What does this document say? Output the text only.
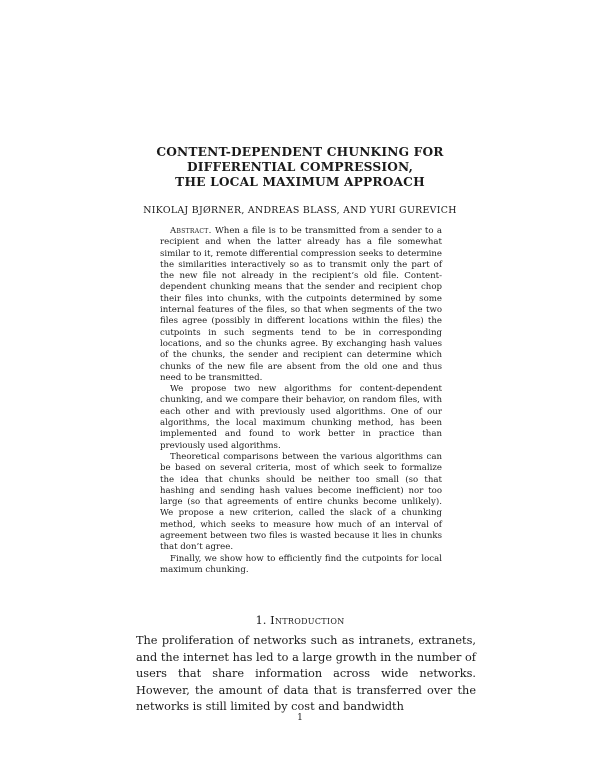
CONTENT-DEPENDENT CHUNKING FOR
DIFFERENTIAL COMPRESSION,
THE LOCAL MAXIMUM APPROACH
NIKOLAJ BJØRNER, ANDREAS BLASS, AND YURI GUREVICH

Abstract. When a file is to be transmitted from a sender to a recipient and when the latter already has a file somewhat similar to it, remote differential compression seeks to determine the similarities interactively so as to transmit only the part of the new file not already in the recipient’s old file. Content-dependent chunking means that the sender and recipient chop their files into chunks, with the cutpoints determined by some internal features of the files, so that when segments of the two files agree (possibly in different locations within the files) the cutpoints in such segments tend to be in corresponding locations, and so the chunks agree. By exchanging hash values of the chunks, the sender and recipient can determine which chunks of the new file are absent from the old one and thus need to be transmitted.

We propose two new algorithms for content-dependent chunking, and we compare their behavior, on random files, with each other and with previously used algorithms. One of our algorithms, the local maximum chunking method, has been implemented and found to work better in practice than previously used algorithms.

Theoretical comparisons between the various algorithms can be based on several criteria, most of which seek to formalize the idea that chunks should be neither too small (so that hashing and sending hash values become inefficient) nor too large (so that agreements of entire chunks become unlikely). We propose a new criterion, called the slack of a chunking method, which seeks to measure how much of an interval of agreement between two files is wasted because it lies in chunks that don’t agree.

Finally, we show how to efficiently find the cutpoints for local maximum chunking.

1. Introduction

The proliferation of networks such as intranets, extranets, and the internet has led to a large growth in the number of users that share information across wide networks. However, the amount of data that is transferred over the networks is still limited by cost and bandwidth

1
